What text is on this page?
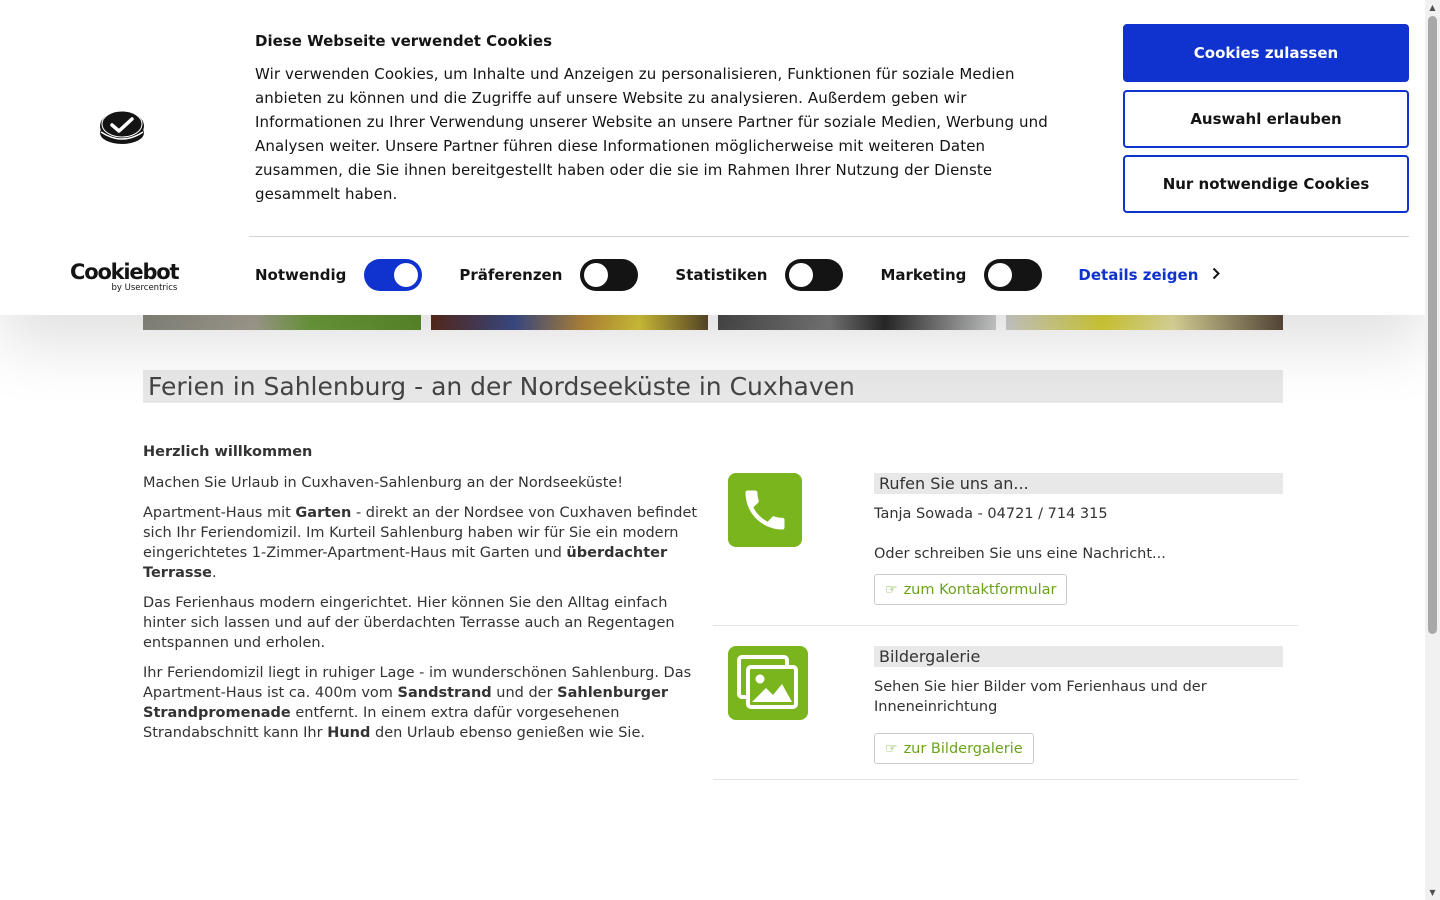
Ferien in Sahlenburg - an der Nordseeküste in Cuxhaven
Herzlich willkommen

Machen Sie Urlaub in Cuxhaven-Sahlenburg an der Nordseeküste!

Apartment-Haus mit Garten - direkt an der Nordsee von Cuxhaven befindet sich Ihr Feriendomizil. Im Kurteil Sahlenburg haben wir für Sie ein modern eingerichtetes 1-Zimmer-Apartment-Haus mit Garten und überdachter Terrasse.

Das Ferienhaus modern eingerichtet. Hier können Sie den Alltag einfach hinter sich lassen und auf der überdachten Terrasse auch an Regentagen entspannen und erholen.

Ihr Feriendomizil liegt in ruhiger Lage - im wunderschönen Sahlenburg. Das Apartment-Haus ist ca. 400m vom Sandstrand und der Sahlenburger Strandpromenade entfernt. In einem extra dafür vorgesehenen Strandabschnitt kann Ihr Hund den Urlaub ebenso genießen wie Sie.

Rufen Sie uns an...
Tanja Sowada - 04721 / 714 315
Oder schreiben Sie uns eine Nachricht...
☞ zum Kontaktformular
Bildergalerie
Sehen Sie hier Bilder vom Ferienhaus und der Inneneinrichtung
☞ zur Bildergalerie
Cookiebot
by Usercentrics
Diese Webseite verwendet Cookies
Wir verwenden Cookies, um Inhalte und Anzeigen zu personalisieren, Funktionen für soziale Medien anbieten zu können und die Zugriffe auf unsere Website zu analysieren. Außerdem geben wir Informationen zu Ihrer Verwendung unserer Website an unsere Partner für soziale Medien, Werbung und Analysen weiter. Unsere Partner führen diese Informationen möglicherweise mit weiteren Daten zusammen, die Sie ihnen bereitgestellt haben oder die sie im Rahmen Ihrer Nutzung der Dienste gesammelt haben.
Cookies zulassen
Auswahl erlauben
Nur notwendige Cookies
Notwendig	Präferenzen	Statistiken	Marketing	Details zeigen
▲
▼
